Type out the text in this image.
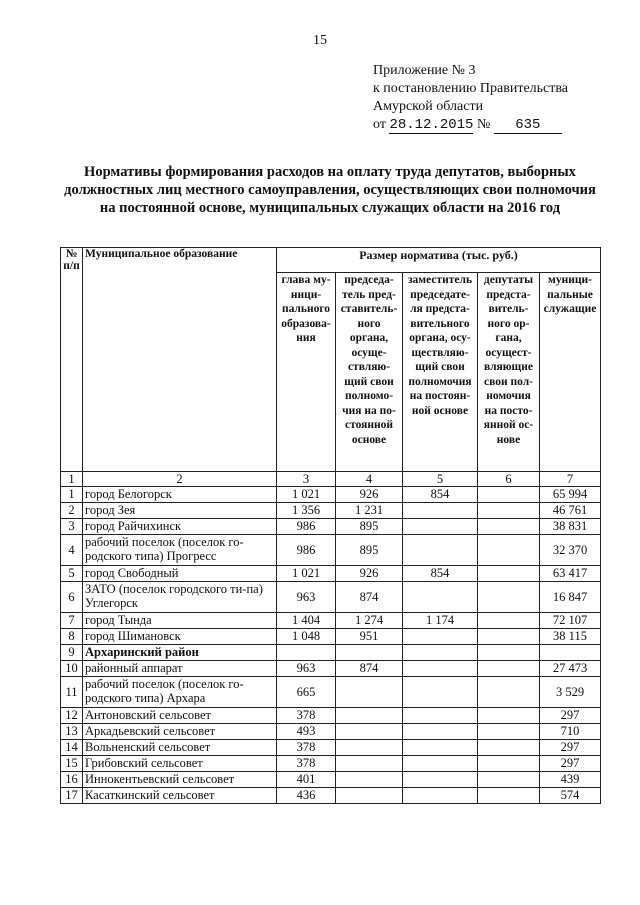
15
Приложение № 3
к постановлению Правительства
Амурской области
от 28.12.2015 № 635
Нормативы формирования расходов на оплату труда депутатов, выборных должностных лиц местного самоуправления, осуществляющих свои полномочия на постоянной основе, муниципальных служащих области на 2016 год
№ п/п	Муниципальное образование	Размер норматива (тыс. руб.)				
		глава му-ници-пального образова-ния	председа-тель пред-ставитель-ного органа, осуще-ствляю-щий свои полномо-чия на по-стоянной основе	заместитель председате-ля предста-вительного органа, осу-ществляю-щий свои полномочия на постоян-ной основе	депутаты предста-витель-ного ор-гана, осущест-вляющие свои пол-номочия на посто-янной ос-нове	муници-пальные служащие
1	2	3	4	5	6	7
1	город Белогорск	1 021	926	854		65 994
2	город Зея	1 356	1 231			46 761
3	город Райчихинск	986	895			38 831
4	рабочий поселок (поселок го-родского типа) Прогресс	986	895			32 370
5	город Свободный	1 021	926	854		63 417
6	ЗАТО (поселок городского ти-па) Углегорск	963	874			16 847
7	город Тында	1 404	1 274	1 174		72 107
8	город Шимановск	1 048	951			38 115
9	Архаринский район					
10	районный аппарат	963	874			27 473
11	рабочий поселок (поселок го-родского типа) Архара	665				3 529
12	Антоновский сельсовет	378				297
13	Аркадьевский сельсовет	493				710
14	Вольненский сельсовет	378				297
15	Грибовский сельсовет	378				297
16	Иннокентьевский сельсовет	401				439
17	Касаткинский сельсовет	436				574
